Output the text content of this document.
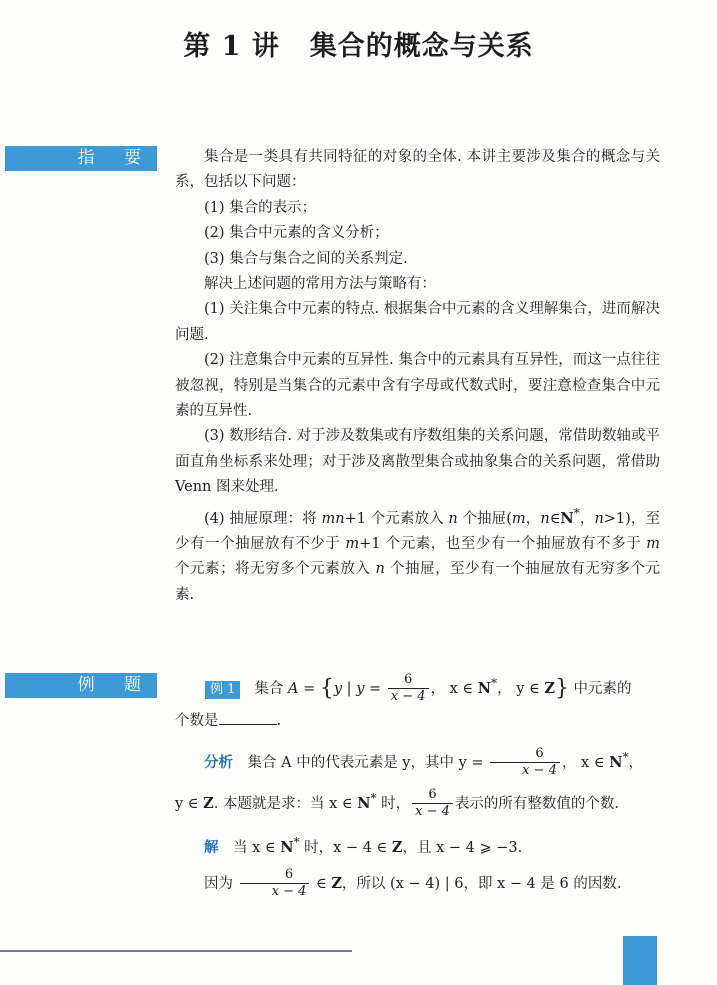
第 1 讲 集合的概念与关系
指 要	集合是一类具有共同特征的对象的全体. 本讲主要涉及集合的概念与关系，包括以下问题：

(1) 集合的表示；

(2) 集合中元素的含义分析；

(3) 集合与集合之间的关系判定.

解决上述问题的常用方法与策略有：

(1) 关注集合中元素的特点. 根据集合中元素的含义理解集合，进而解决问题.

(2) 注意集合中元素的互异性. 集合中的元素具有互异性，而这一点往往被忽视，特别是当集合的元素中含有字母或代数式时，要注意检查集合中元素的互异性.

(3) 数形结合. 对于涉及数集或有序数组集的关系问题，常借助数轴或平面直角坐标系来处理；对于涉及离散型集合或抽象集合的关系问题，常借助 Venn 图来处理.

(4) 抽屉原理：将 mn+1 个元素放入 n 个抽屉(m，n∈N*，n>1)，至少有一个抽屉放有不少于 m+1 个元素，也至少有一个抽屉放有不多于 m 个元素；将无穷多个元素放入 n 个抽屉，至少有一个抽屉放有无穷多个元素.

例 题	例 1 集合 A = {y | $y = \frac{6}{x - 4}$ ， x ∈ N*， y ∈ Z} 中元素的

个数是	.

分析　 集合 A 中的代表元素是 y，其中 $y = \frac{6}{x - 4}$ ， x ∈ N*，

y ∈ Z. 本题就是求：当 x ∈ N* 时， $\frac{6}{x - 4}$ 表示的所有整数值的个数.

解　 当 x ∈ N* 时，x − 4 ∈ Z，且 x − 4 ⩾ −3.

因为 $\frac{6}{x - 4}$ ∈ Z，所以 (x − 4) | 6，即 x − 4 是 6 的因数.
